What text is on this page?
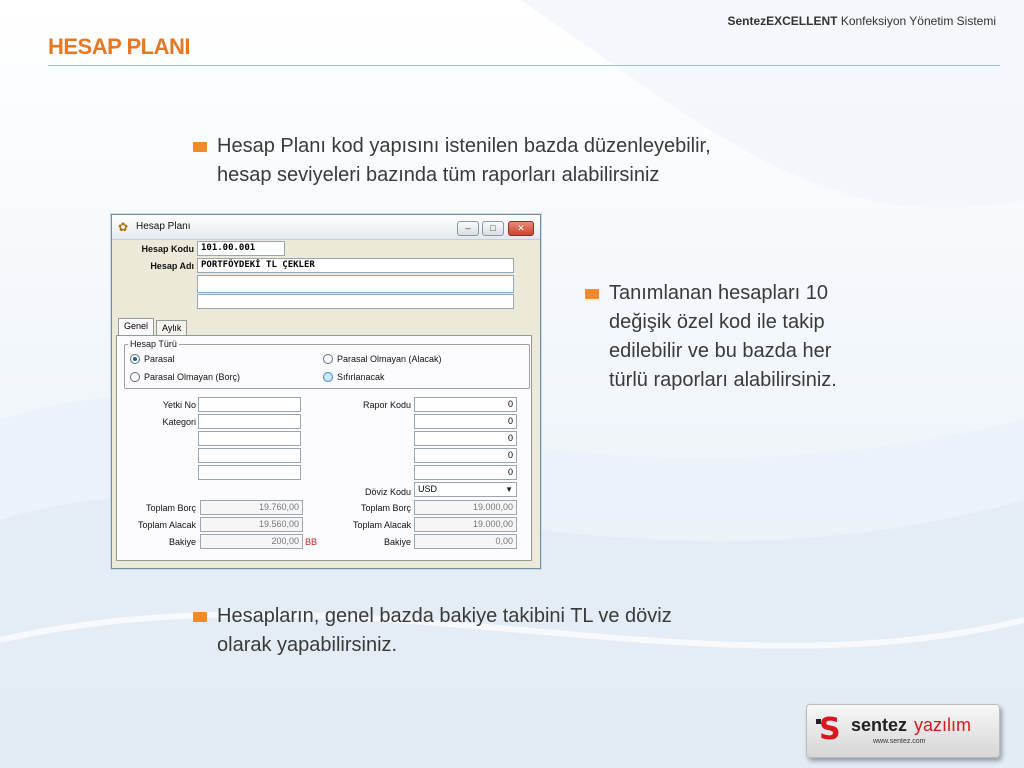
SentezEXCELLENT Konfeksiyon Yönetim Sistemi
HESAP PLANI
Hesap Planı kod yapısını istenilen bazda düzenleyebilir,
hesap seviyeleri bazında tüm raporları alabilirsiniz
Tanımlanan hesapları 10
değişik özel kod ile takip
edilebilir ve bu bazda her
türlü raporları alabilirsiniz.
Hesapların, genel bazda bakiye takibini TL ve döviz
olarak yapabilirsiniz.
✿ Hesap Planı	–	□	✕
Hesap Kodu 101.00.001
Hesap Adı PORTFÖYDEKİ TL ÇEKLER
Genel	Aylık
Hesap Türü
Parasal
Parasal Olmayan (Borç)
Parasal Olmayan (Alacak)
Sıfırlanacak
Yetki No
Kategori
Rapor Kodu	0
0
0
0
0
Döviz Kodu USD	▼
Toplam Borç	19.760,00
Toplam Alacak	19.560,00
Bakiye	200,00 BB
Toplam Borç	19.000,00
Toplam Alacak	19.000,00
Bakiye	0,00
S sentez yazılım
www.sentez.com
